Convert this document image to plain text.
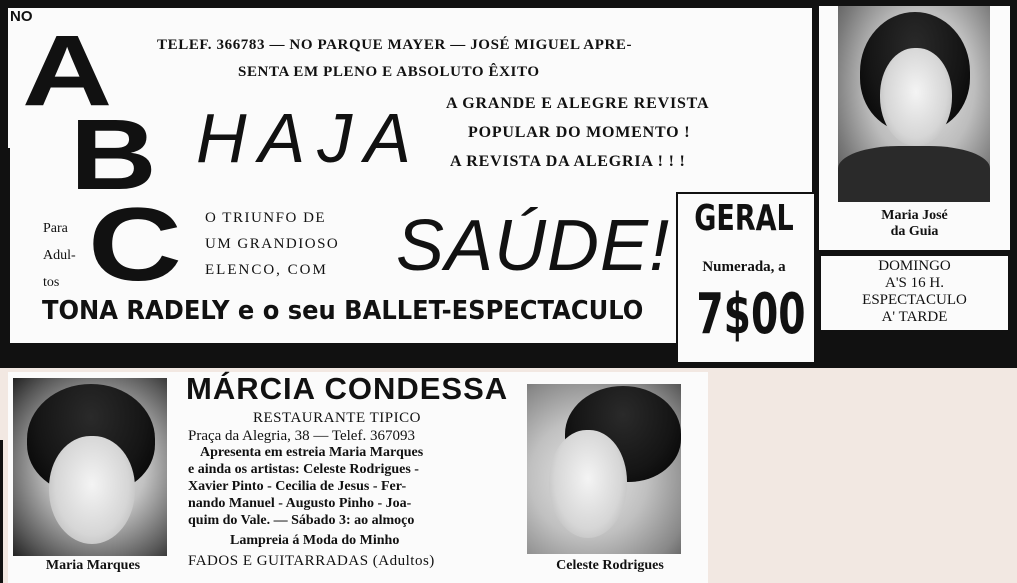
NO
A
B
C
TELEF. 366783 — NO PARQUE MAYER — JOSÉ MIGUEL APRE-
SENTA EM PLENO E ABSOLUTO ÊXITO
HAJA A GRANDE E ALEGRE REVISTA
POPULAR DO MOMENTO !
A REVISTA DA ALEGRIA ! ! !
Para
Adul-
tos
O TRIUNFO DE
UM GRANDIOSO
ELENCO, COM SAÚDE!
TONA RADELY e o seu BALLET-ESPECTACULO
GERAL
Numerada, a
7$00
Maria José
da Guia
DOMINGO
A'S 16 H.
ESPECTACULO
A' TARDE
Maria Marques	Celeste Rodrigues
MÁRCIA CONDESSA
RESTAURANTE TIPICO
Praça da Alegria, 38 — Telef. 367093
Apresenta em estreia Maria Marques
e ainda os artistas: Celeste Rodrigues -
Xavier Pinto - Cecilia de Jesus - Fer-
nando Manuel - Augusto Pinho - Joa-
quim do Vale. — Sábado 3: ao almoço
Lampreia á Moda do Minho
FADOS E GUITARRADAS (Adultos)
